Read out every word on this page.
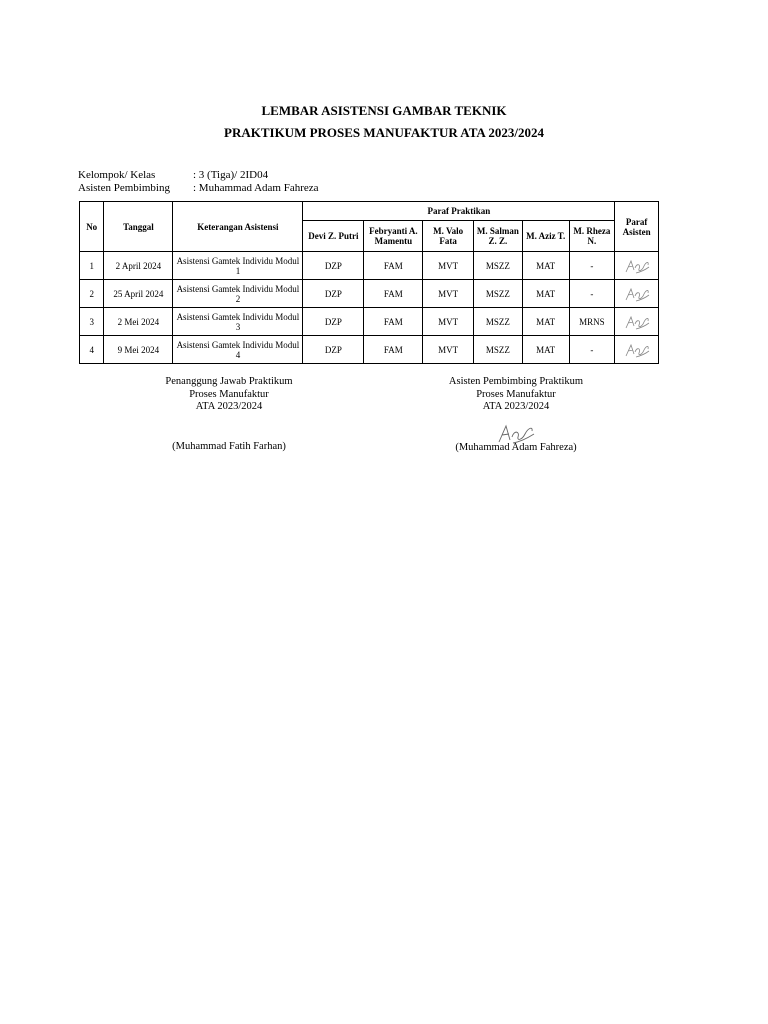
LEMBAR ASISTENSI GAMBAR TEKNIK
PRAKTIKUM PROSES MANUFAKTUR ATA 2023/2024
Kelompok/ Kelas	: 3 (Tiga)/ 2ID04
Asisten Pembimbing : Muhammad Adam Fahreza
No	Tanggal	Keterangan Asistensi	Paraf Praktikan						Paraf Asisten
			Devi Z. Putri	Febryanti A. Mamentu	M. Valo Fata	M. Salman Z. Z.	M. Aziz T.	M. Rheza N.	
1	2 April 2024	Asistensi Gamtek Individu Modul 1	DZP	FAM	MVT	MSZZ	MAT	-	

2	25 April 2024	Asistensi Gamtek Individu Modul 2	DZP	FAM	MVT	MSZZ	MAT	-	

3	2 Mei 2024	Asistensi Gamtek Individu Modul 3	DZP	FAM	MVT	MSZZ	MAT	MRNS	

4	9 Mei 2024	Asistensi Gamtek Individu Modul 4	DZP	FAM	MVT	MSZZ	MAT	-	
Penanggung Jawab Praktikum
Proses Manufaktur
ATA 2023/2024
(Muhammad Fatih Farhan)
Asisten Pembimbing Praktikum
Proses Manufaktur
ATA 2023/2024
(Muhammad Adam Fahreza)
